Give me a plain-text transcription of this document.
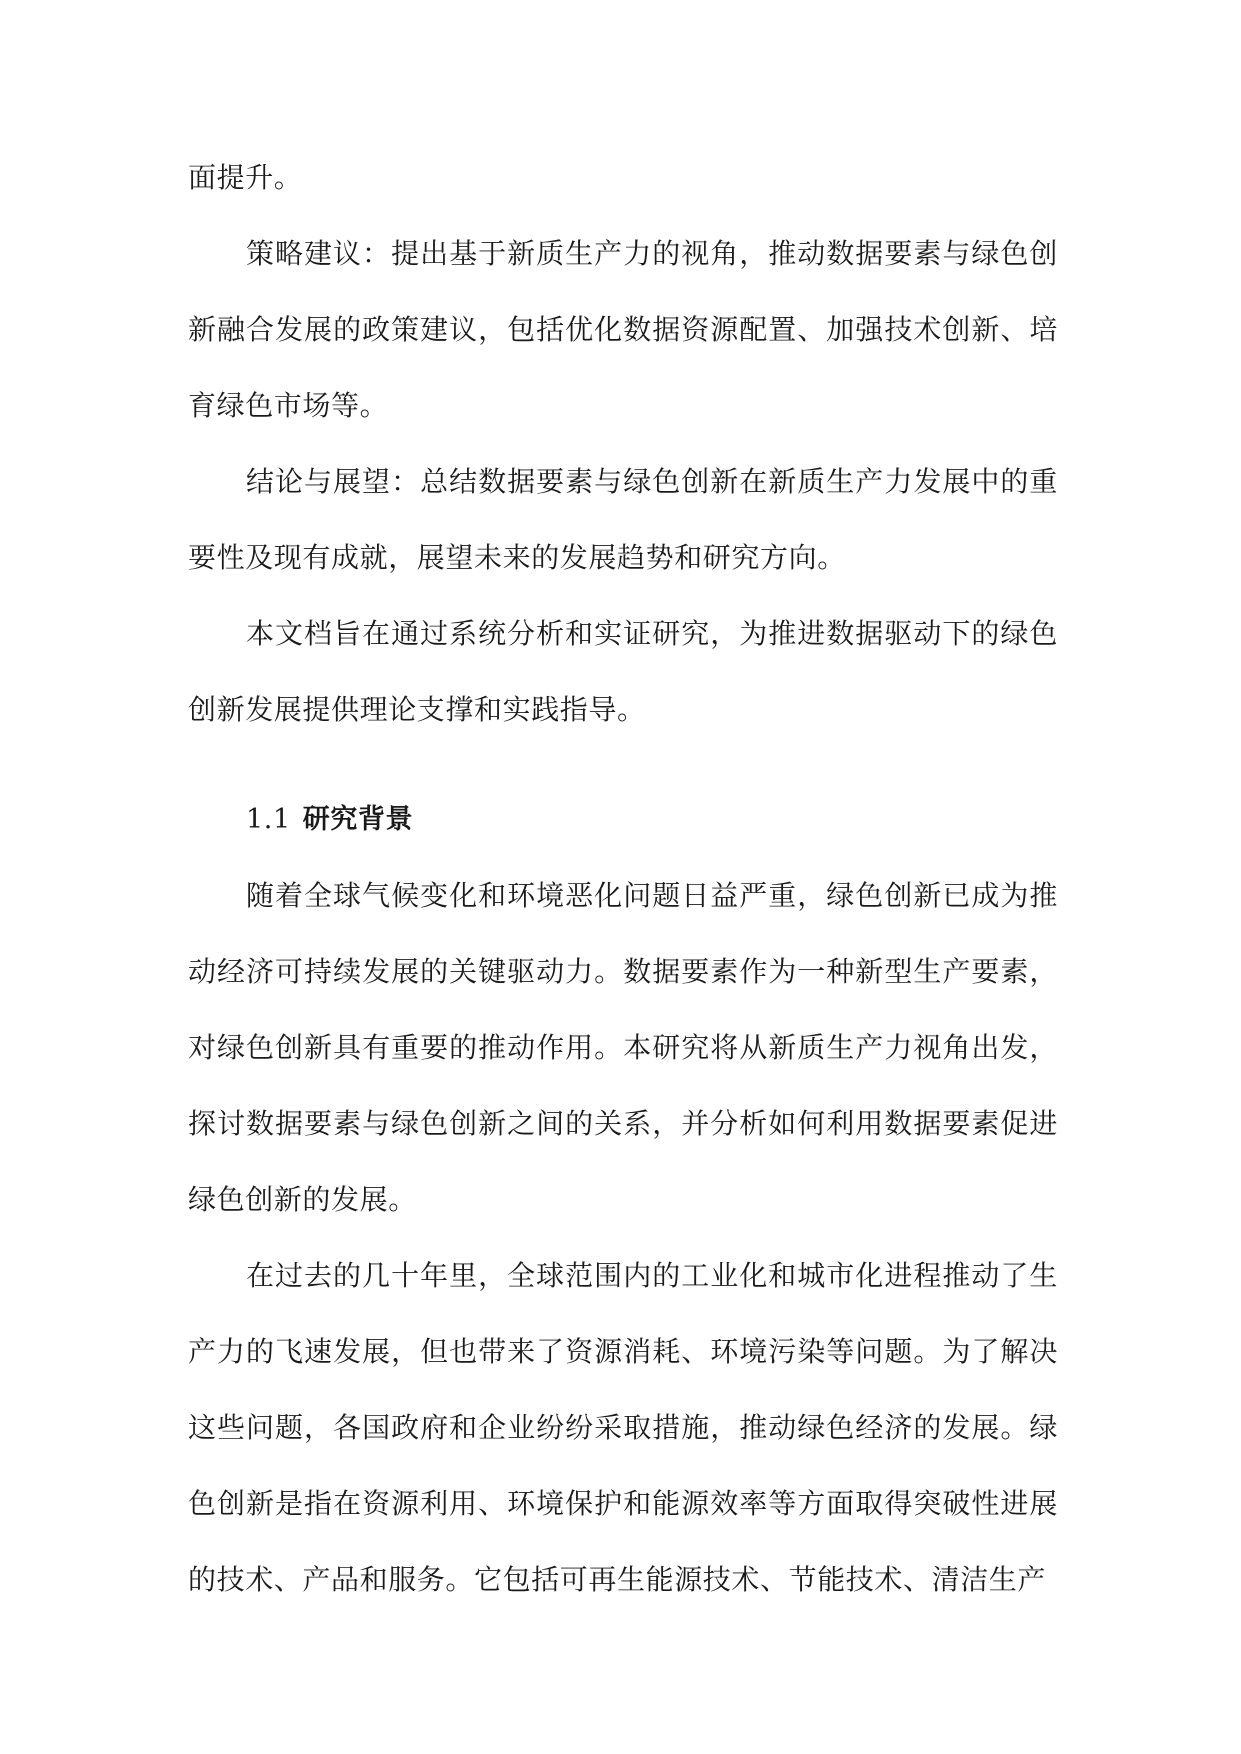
面提升。

策略建议：提出基于新质生产力的视角，推动数据要素与绿色创新融合发展的政策建议，包括优化数据资源配置、加强技术创新、培育绿色市场等。

结论与展望：总结数据要素与绿色创新在新质生产力发展中的重要性及现有成就，展望未来的发展趋势和研究方向。

本文档旨在通过系统分析和实证研究，为推进数据驱动下的绿色创新发展提供理论支撑和实践指导。

1.1 研究背景

随着全球气候变化和环境恶化问题日益严重，绿色创新已成为推动经济可持续发展的关键驱动力。数据要素作为一种新型生产要素，对绿色创新具有重要的推动作用。本研究将从新质生产力视角出发，探讨数据要素与绿色创新之间的关系，并分析如何利用数据要素促进绿色创新的发展。

在过去的几十年里，全球范围内的工业化和城市化进程推动了生产力的飞速发展，但也带来了资源消耗、环境污染等问题。为了解决这些问题，各国政府和企业纷纷采取措施，推动绿色经济的发展。绿色创新是指在资源利用、环境保护和能源效率等方面取得突破性进展的技术、产品和服务。它包括可再生能源技术、节能技术、清洁生产
